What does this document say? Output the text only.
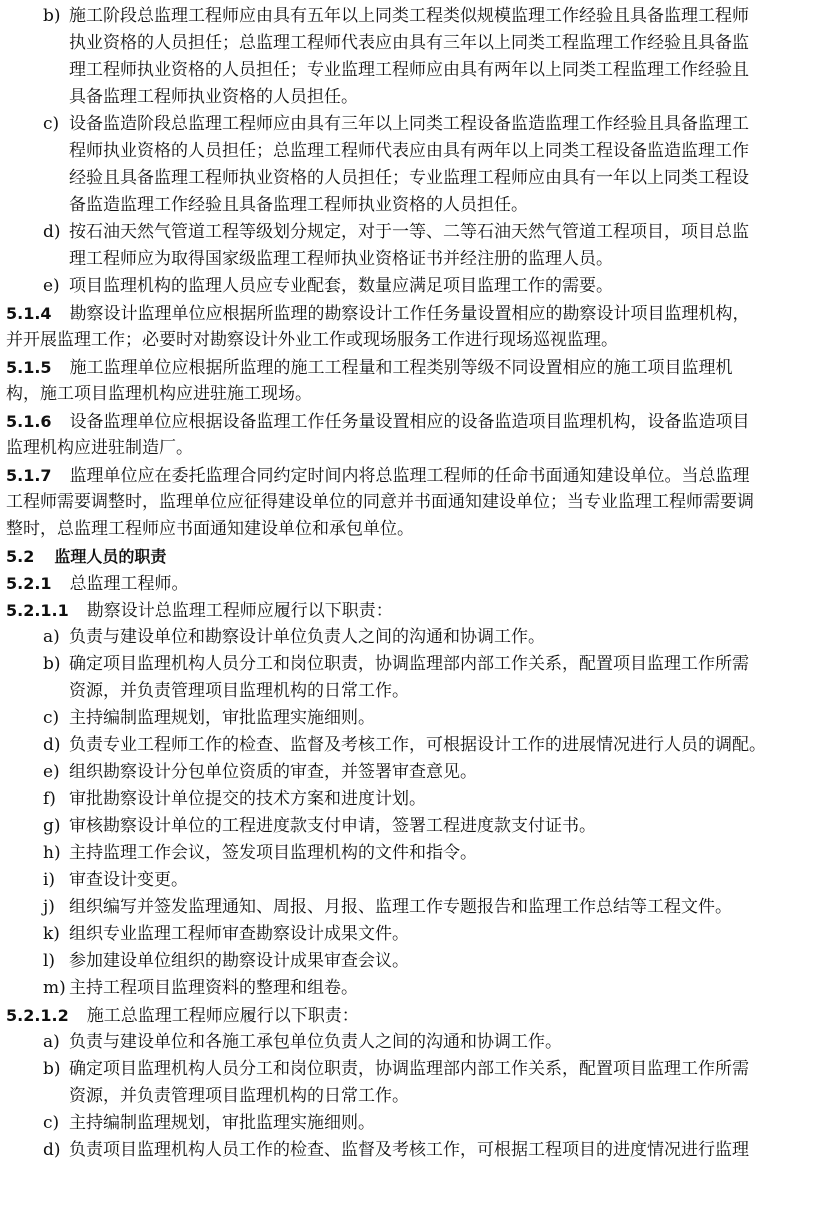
b) 施工阶段总监理工程师应由具有五年以上同类工程类似规模监理工作经验且具备监理工程师
执业资格的人员担任；总监理工程师代表应由具有三年以上同类工程监理工作经验且具备监
理工程师执业资格的人员担任；专业监理工程师应由具有两年以上同类工程监理工作经验且
具备监理工程师执业资格的人员担任。
c) 设备监造阶段总监理工程师应由具有三年以上同类工程设备监造监理工作经验且具备监理工
程师执业资格的人员担任；总监理工程师代表应由具有两年以上同类工程设备监造监理工作
经验且具备监理工程师执业资格的人员担任；专业监理工程师应由具有一年以上同类工程设
备监造监理工作经验且具备监理工程师执业资格的人员担任。
d) 按石油天然气管道工程等级划分规定，对于一等、二等石油天然气管道工程项目，项目总监
理工程师应为取得国家级监理工程师执业资格证书并经注册的监理人员。
e) 项目监理机构的监理人员应专业配套，数量应满足项目监理工作的需要。
5.1.4 勘察设计监理单位应根据所监理的勘察设计工作任务量设置相应的勘察设计项目监理机构，
并开展监理工作；必要时对勘察设计外业工作或现场服务工作进行现场巡视监理。
5.1.5 施工监理单位应根据所监理的施工工程量和工程类别等级不同设置相应的施工项目监理机
构，施工项目监理机构应进驻施工现场。
5.1.6 设备监理单位应根据设备监理工作任务量设置相应的设备监造项目监理机构，设备监造项目
监理机构应进驻制造厂。
5.1.7 监理单位应在委托监理合同约定时间内将总监理工程师的任命书面通知建设单位。当总监理
工程师需要调整时，监理单位应征得建设单位的同意并书面通知建设单位；当专业监理工程师需要调
整时，总监理工程师应书面通知建设单位和承包单位。
5.2 监理人员的职责
5.2.1 总监理工程师。
5.2.1.1 勘察设计总监理工程师应履行以下职责：
a) 负责与建设单位和勘察设计单位负责人之间的沟通和协调工作。
b) 确定项目监理机构人员分工和岗位职责，协调监理部内部工作关系，配置项目监理工作所需
资源，并负责管理项目监理机构的日常工作。
c) 主持编制监理规划，审批监理实施细则。
d) 负责专业工程师工作的检查、监督及考核工作，可根据设计工作的进展情况进行人员的调配。
e) 组织勘察设计分包单位资质的审查，并签署审查意见。
f) 审批勘察设计单位提交的技术方案和进度计划。
g) 审核勘察设计单位的工程进度款支付申请，签署工程进度款支付证书。
h) 主持监理工作会议，签发项目监理机构的文件和指令。
i) 审查设计变更。
j) 组织编写并签发监理通知、周报、月报、监理工作专题报告和监理工作总结等工程文件。
k) 组织专业监理工程师审查勘察设计成果文件。
l) 参加建设单位组织的勘察设计成果审查会议。
m) 主持工程项目监理资料的整理和组卷。
5.2.1.2 施工总监理工程师应履行以下职责：
a) 负责与建设单位和各施工承包单位负责人之间的沟通和协调工作。
b) 确定项目监理机构人员分工和岗位职责，协调监理部内部工作关系，配置项目监理工作所需
资源，并负责管理项目监理机构的日常工作。
c) 主持编制监理规划，审批监理实施细则。
d) 负责项目监理机构人员工作的检查、监督及考核工作，可根据工程项目的进度情况进行监理
